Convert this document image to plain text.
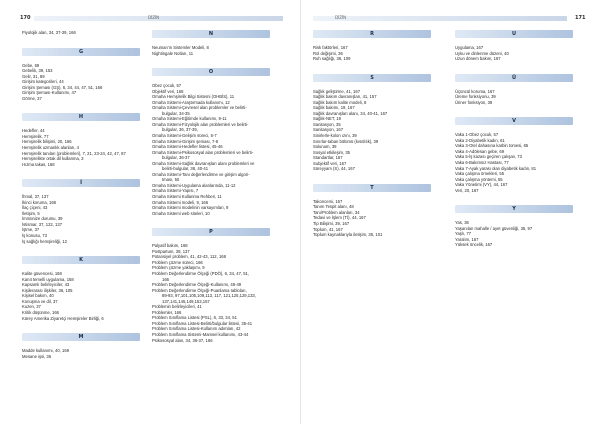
170	DİZİN
Piyolojik alan, 34, 37-39, 166
G
Gebe, 69
Gebelik, 39, 153
Gelir, 31, 89
Girişim kategorileri, 44
Girişim Şeması (GŞ), 6, 34, 44, 47, 51, 166
Girişim Şeması-Kullanımı, 47
Görme, 37
H
Hedefler, 44
Hemşirelik, 77
Hemşirelik bilişimi, 20, 166
Hemşirelik uzmanlık alanları, 4
Hemşirelik tanıları (problemleri), 7, 21, 23-24, 42, 47, 87
Hemşirelikte ortak dil kullanma, 3
Hızma takas, 168
İ
İhmal, 37, 137
İkinci koruma, 168
İlaç çiçeni, 43
İletişim, 5
İmmünize durumu, 39
İstismar, 37, 122, 137
İştme, 37
İş konusu, 73
İş sağlığı hemşireliği, 12
K
Kalite güvencesi, 168
Kanıt temelli uygulama, 168
Kapsamlı belirleyiciler, 43
Kişilerarası ilişkiler, 36, 105
Kişisel bakım, 40
Konuşma ve dil, 37
Kuzen, 37
Kritik düşünme, 166
Kürey Amerika Ziyaretçi Hemşireler Birliği, 6
M
Madde kullanımı, 40, 169
Mesane işsi, 36
N
Neuman'ın Sistemler Modeli, 8
Nightingale Notları, 11
O
Obez çocuk, 57
Objektif veri, 168
Omaha Hemşirelik Bilgi Sistemi (OHBİS), 11
Omaha Sistemi-Araştırmada kullanımı, 12
Omaha Sistemi-Çevresel alan problemler ve belirti-
bulgular, 34-35
Omaha Sistemi-Eğitimde kullanımı, 9-11
Omaha Sistemi-Fizyolojik alan problemleri ve belirti-
bulgular, 36, 37-39,
Omaha Sistemi-Gelişim süreci, 5-7
Omaha Sistemi-Girişim şeması, 7-8
Omaha Sistemi-Hedefler listesi, 45-46
Omaha Sistemi-Psikososyal alan problemleri ve belirti-
bulgular, 36-37
Omaha Sistemi-Sağlık davranışları alanı problemleri ve
belirti-bulgular, 36, 40-41
Omaha Sistemi-Tanı değerlendirme ve girişim algori-
tması, 50
Omaha Sistemi-Uygulama alanlarında, 11-12
Omaha Sistemi-Yapısı, 7
Omaha Sistemi Kullanma Rehberi, 11
Omaha Sistemi modeli, 9, 166
Omaha Sistemi modelinin varsayımları, 9
Omaha Sistemi web siteleri, 10
P
Palyatif bakım, 168
Postpartum, 39, 137
Potansiyel problem, 41, 42-43, 112, 168
Problem çözme süreci, 166
Problem çözme yaklaşımı, 9
Problem Değerlendirme Ölçeği (PDÖ), 6, 34, 47, 51,
166
Problem Değerlendirme Ölçeği-Kullanımı, 48-49
Problem Değerlendirme Ölçeği-Puanlama tabloları,
89-93, 97,101,105,109,113, 117, 121,125,129,133,
137,141,145,149,153,157
Problemin belirleyicileri, 41
Problemler, 166
Problem Sınıflama Listesi (PSL), 6, 33, 34, 51
Problem Sınıflama Listesi-Belirti/bulgular listesi, 35-41
Problem Sınıflama Listesi-Kullanım adımları, 42
Problem Sınıflama Sistemi-Mamsel kullanımı, 43-44
Psikososyal alan, 34, 36-37, 166
DİZİN	171
R
Risk faktörleri, 167
Rol değişimi, 36
Ruh sağlığı, 36, 109
S
Sağlık geliştirme, 41, 167
Sağlık bakım davranışları, 41, 157
Sağlık bakım kalite modeli, 8
Sağlık bakımı, 19, 167
Sağlık davranışları alanı, 34, 40-41, 167
Sağlık-NET, 19
Sanitasyon, 35
Sanitasyon, 167
Sinirlerle-kolon ızını, 39
Sınırlar-taban bölümü (kısıtlılık), 39
Solunum, 39
Sosyal etkileşim, 35
Standartlar, 167
Subjektif veri, 167
Süreyyam (S), 44, 167
T
Takoncemi, 167
Tanım Tespit alanı, 48
Tanı/Problem alanları, 34
Tedavi ve İşlem (Tİ), 44, 167
Tip Bilişimi, 39, 167
Toplum, 41, 167
Toplum kaynaklarıyla iletişim, 35, 101
U
Uygulama, 167
Uyku ve dinlenme düzeni, 40
Uzun dönem bakım, 167
Ü
Üçüncül koruma, 167
Üreme fonksiyonu, 39
Üriner fonksiyon, 39
V
Vaka 1-Obez çocuk, 57
Vaka 2-Diyabetik kadın, 61
Vaka 3-Otel dahasına karbin tomesi, 65
Vaka 4-Adölesan gebe, 69
Vaka 5-İş kazası geçiren çalışan, 73
Vaka 6-Bakımsız Hastası, 77
Vaka 7-Ayak yarası olan diyabetik kadın, 81
Vaka çalışma örnekleri, 55
Vaka çalışma yöntemi, 55
Vaka Yönetimi (VY), 44, 167
Veri, 20, 167
Y
Yas, 36
Yaşanılan mahalle / ayet güvenliği, 35, 97
Yaşlı, 77
Yaralım, 167
Yüksek öncelik, 167
